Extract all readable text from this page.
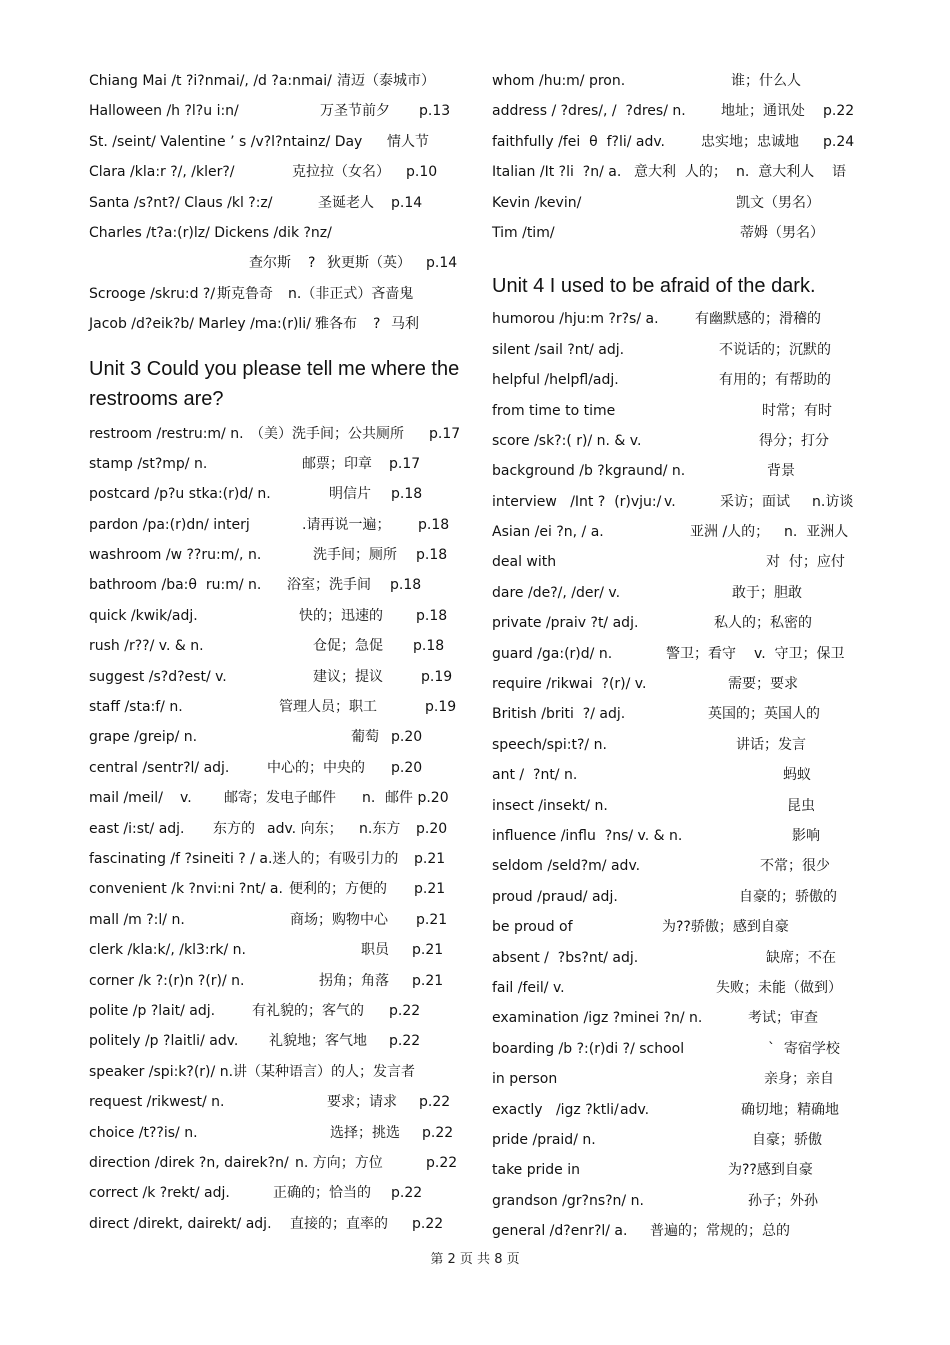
Chiang Mai /t ?i?nmai/, /d ?a:nmai/ 清迈（泰城市）
Halloween /h ?l?u i:n/	万圣节前夕 p.13
St. /seint/ Valentine ’ s /v?l?ntainz/ Day 情人节
Clara /kla:r ?/, /kler?/	克拉拉（女名） p.10
Santa /s?nt?/ Claus /kl ?:z/	圣诞老人 p.14
Charles /t?a:(r)lz/ Dickens /dik ?nz/
查尔斯 ? 狄更斯（英） p.14
Scrooge /skru:d ?/ 斯克鲁奇 n.（非正式）吝啬鬼
Jacob /d?eik?b/ Marley /ma:(r)li/ 雅各布 ? 马利
Unit 3 Could you please tell me where the restrooms are?
restroom /restru:m/ n. （美）洗手间；公共厕所 p.17
stamp /st?mp/ n.	邮票；印章 p.17
postcard /p?u stka:(r)d/ n.	明信片 p.18
pardon /pa:(r)dn/ interj	.请再说一遍； p.18
washroom /w ??ru:m/, n.	洗手间；厕所 p.18
bathroom /ba:θ  ru:m/ n. 浴室；洗手间 p.18
quick /kwik/adj.	快的；迅速的 p.18
rush /r??/ v. & n.	仓促；急促 p.18
suggest /s?d?est/ v.	建议；提议	p.19
staff /sta:f/ n.	管理人员；职工	p.19
grape /greip/ n.	葡萄 p.20
central /sentr?l/ adj.	中心的；中央的 p.20
mail /meil/ v. 邮寄；发电子邮件 n. 邮件 p.20
east /i:st/ adj. 东方的 adv. 向东； n.东方 p.20
fascinating /f ?sineiti ? / a.迷人的；有吸引力的 p.21
convenient /k ?nvi:ni ?nt/ a. 便利的；方便的 p.21
mall /m ?:l/ n.	商场；购物中心 p.21
clerk /kla:k/, /kl3:rk/ n.	职员 p.21
corner /k ?:(r)n ?(r)/ n.	拐角；角落 p.21
polite /p ?lait/ adj.	有礼貌的；客气的 p.22
politely /p ?laitli/ adv. 礼貌地；客气地 p.22
speaker /spi:k?(r)/ n.讲（某种语言）的人；发言者
request /rikwest/ n.	要求；请求 p.22
choice /t??is/ n.	选择；挑选 p.22
direction /direk ?n, dairek?n/ n. 方向；方位	p.22
correct /k ?rekt/ adj.	正确的；恰当的 p.22
direct /direkt, dairekt/ adj. 直接的；直率的 p.22
whom /hu:m/ pron.	谁；什么人
address / ?dres/, /  ?dres/ n.	地址；通讯处 p.22
faithfully /fei  θ  f?li/ adv.	忠实地；忠诚地 p.24
Italian /It ?li  ?n/ a. 意大利  人的； n.  意大利人 语
Kevin /kevin/	凯文（男名）
Tim /tim/	蒂姆（男名）
Unit 4 I used to be afraid of the dark.
humorou /hju:m ?r?s/ a.	有幽默感的；滑稽的
silent /sail ?nt/ adj.	不说话的；沉默的
helpful /helpfl/adj.	有用的；有帮助的
from time to time	时常；有时
score /sk?:( r)/ n. & v.	得分；打分
background /b ?kgraund/ n.	背景
interview   /Int ?  (r)vju:/ v.	采访；面试 n.访谈
Asian /ei ?n, / a.	亚洲 /人的； n.  亚洲人
deal with	对  付；应付
dare /de?/, /der/ v.	敢于；胆敢
private /praiv ?t/ adj.	私人的；私密的
guard /ga:(r)d/ n.	警卫；看守 v.  守卫；保卫
require /rikwai  ?(r)/ v.	需要；要求
British /briti  ?/ adj.	英国的；英国人的
speech/spi:t?/ n.	讲话；发言
ant /  ?nt/ n.	蚂蚁
insect /insekt/ n.	昆虫
influence /influ  ?ns/ v. & n.	影响
seldom /seld?m/ adv.	不常；很少
proud /praud/ adj.	自豪的；骄傲的
be proud of	为??骄傲；感到自豪
absent /  ?bs?nt/ adj.	缺席；不在
fail /feil/ v.	失败；未能（做到）
examination /igz ?minei ?n/ n.	考试；审查
boarding /b ?:(r)di ?/ school	`  寄宿学校
in person	亲身；亲自
exactly   /igz ?ktli/ adv.	确切地；精确地
pride /praid/ n.	自豪；骄傲
take pride in	为??感到自豪
grandson /gr?ns?n/ n.	孙子；外孙
general /d?enr?l/ a. 普遍的；常规的；总的
第 2 页 共 8 页
